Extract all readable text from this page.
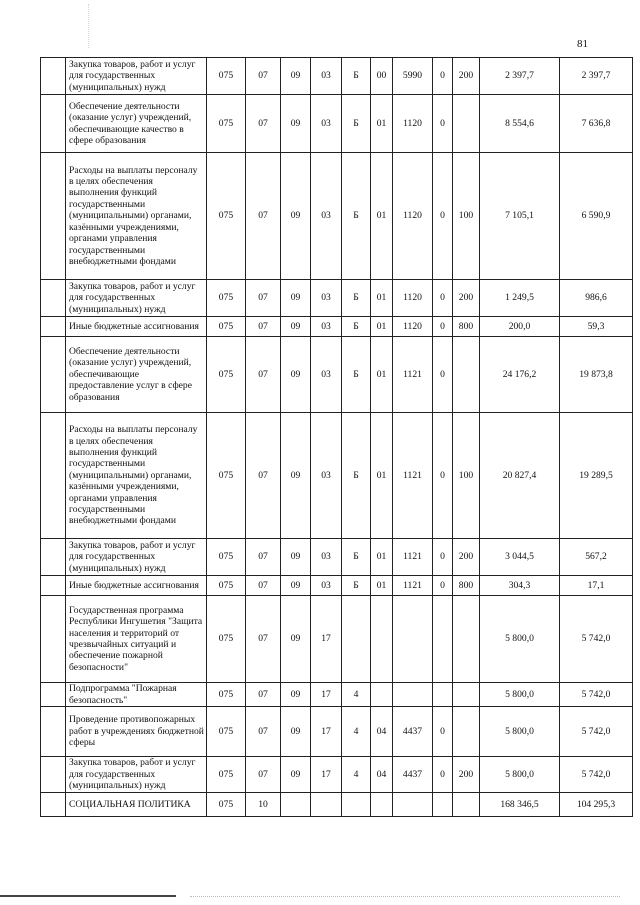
81
	Закупка товаров, работ и услуг для государственных (муниципальных) нужд	075	07	09	03	Б	00	5990	0	200	2 397,7	2 397,7
	Обеспечение деятельности (оказание услуг) учреждений, обеспечивающие качество в сфере образования	075	07	09	03	Б	01	1120	0		8 554,6	7 636,8
	Расходы на выплаты персоналу в целях обеспечения выполнения функций государственными (муниципальными) органами, казёнными учреждениями, органами управления государственными внебюджетными фондами	075	07	09	03	Б	01	1120	0	100	7 105,1	6 590,9
	Закупка товаров, работ и услуг для государственных (муниципальных) нужд	075	07	09	03	Б	01	1120	0	200	1 249,5	986,6
	Иные бюджетные ассигнования	075	07	09	03	Б	01	1120	0	800	200,0	59,3
	Обеспечение деятельности (оказание услуг) учреждений, обеспечивающие предоставление услуг в сфере образования	075	07	09	03	Б	01	1121	0		24 176,2	19 873,8
	Расходы на выплаты персоналу в целях обеспечения выполнения функций государственными (муниципальными) органами, казёнными учреждениями, органами управления государственными внебюджетными фондами	075	07	09	03	Б	01	1121	0	100	20 827,4	19 289,5
	Закупка товаров, работ и услуг для государственных (муниципальных) нужд	075	07	09	03	Б	01	1121	0	200	3 044,5	567,2
	Иные бюджетные ассигнования	075	07	09	03	Б	01	1121	0	800	304,3	17,1
	Государственная программа Республики Ингушетия "Защита населения и территорий от чрезвычайных ситуаций и обеспечение пожарной безопасности"	075	07	09	17						5 800,0	5 742,0
	Подпрограмма "Пожарная безопасность"	075	07	09	17	4					5 800,0	5 742,0
	Проведение противопожарных работ в учреждениях бюджетной сферы	075	07	09	17	4	04	4437	0		5 800,0	5 742,0
	Закупка товаров, работ и услуг для государственных (муниципальных) нужд	075	07	09	17	4	04	4437	0	200	5 800,0	5 742,0
	СОЦИАЛЬНАЯ ПОЛИТИКА	075	10								168 346,5	104 295,3
